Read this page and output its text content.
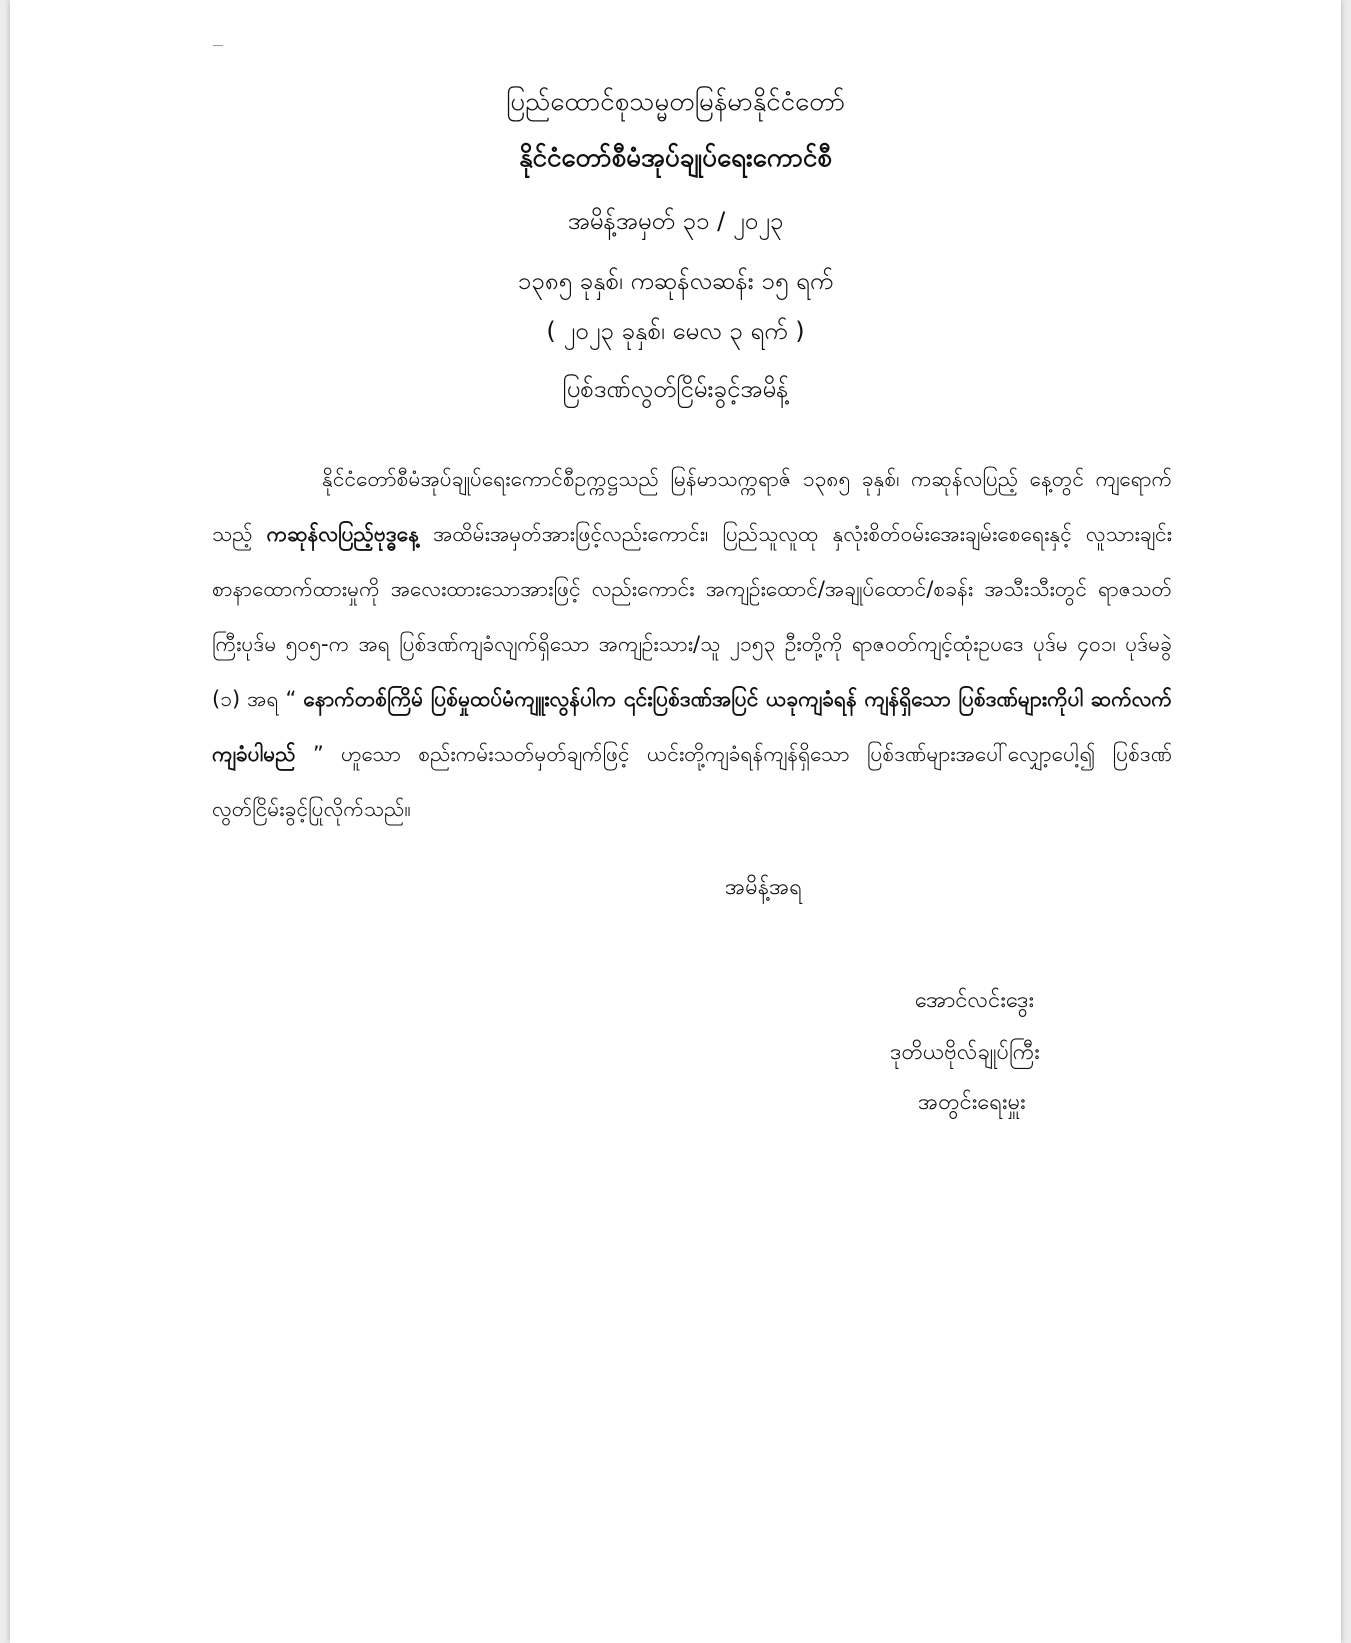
ပြည်ထောင်စုသမ္မတမြန်မာနိုင်ငံတော်
နိုင်ငံတော်စီမံအုပ်ချုပ်ရေးကောင်စီ
အမိန့်အမှတ် ၃၁ / ၂၀၂၃
၁၃၈၅ ခုနှစ်၊ ကဆုန်လဆန်း ၁၅ ရက်
( ၂၀၂၃ ခုနှစ်၊ မေလ ၃ ရက် )
ပြစ်ဒဏ်လွတ်ငြိမ်းခွင့်အမိန့်
နိုင်ငံတော်စီမံအုပ်ချုပ်ရေးကောင်စီဥက္ကဋ္ဌသည် မြန်မာသက္ကရာဇ် ၁၃၈၅ ခုနှစ်၊ ကဆုန်လပြည့် နေ့တွင် ကျရောက်သည့် ကဆုန်လပြည့်ဗုဒ္ဓနေ့ အထိမ်းအမှတ်အားဖြင့်လည်းကောင်း၊ ပြည်သူလူထု နှလုံးစိတ်ဝမ်းအေးချမ်းစေရေးနှင့် လူသားချင်းစာနာထောက်ထားမှုကို အလေးထားသောအားဖြင့် လည်းကောင်း အကျဉ်းထောင်/အချုပ်ထောင်/စခန်း အသီးသီးတွင် ရာဇသတ်ကြီးပုဒ်မ ၅၀၅-က အရ ပြစ်ဒဏ်ကျခံလျက်ရှိသော အကျဉ်းသား/သူ ၂၁၅၃ ဦးတို့ကို ရာဇဝတ်ကျင့်ထုံးဥပဒေ ပုဒ်မ ၄၀၁၊ ပုဒ်မခွဲ (၁) အရ “ နောက်တစ်ကြိမ် ပြစ်မှုထပ်မံကျူးလွန်ပါက ၎င်းပြစ်ဒဏ်အပြင် ယခုကျခံရန် ကျန်ရှိသော ပြစ်ဒဏ်များကိုပါ ဆက်လက်ကျခံပါမည် ” ဟူသော စည်းကမ်းသတ်မှတ်ချက်ဖြင့် ယင်းတို့ကျခံရန်ကျန်ရှိသော ပြစ်ဒဏ်များအပေါ်လျှော့ပေါ့၍ ပြစ်ဒဏ်လွတ်ငြိမ်းခွင့်ပြုလိုက်သည်။
အမိန့်အရ
အောင်လင်းဒွေး
ဒုတိယဗိုလ်ချုပ်ကြီး
အတွင်းရေးမှူး
